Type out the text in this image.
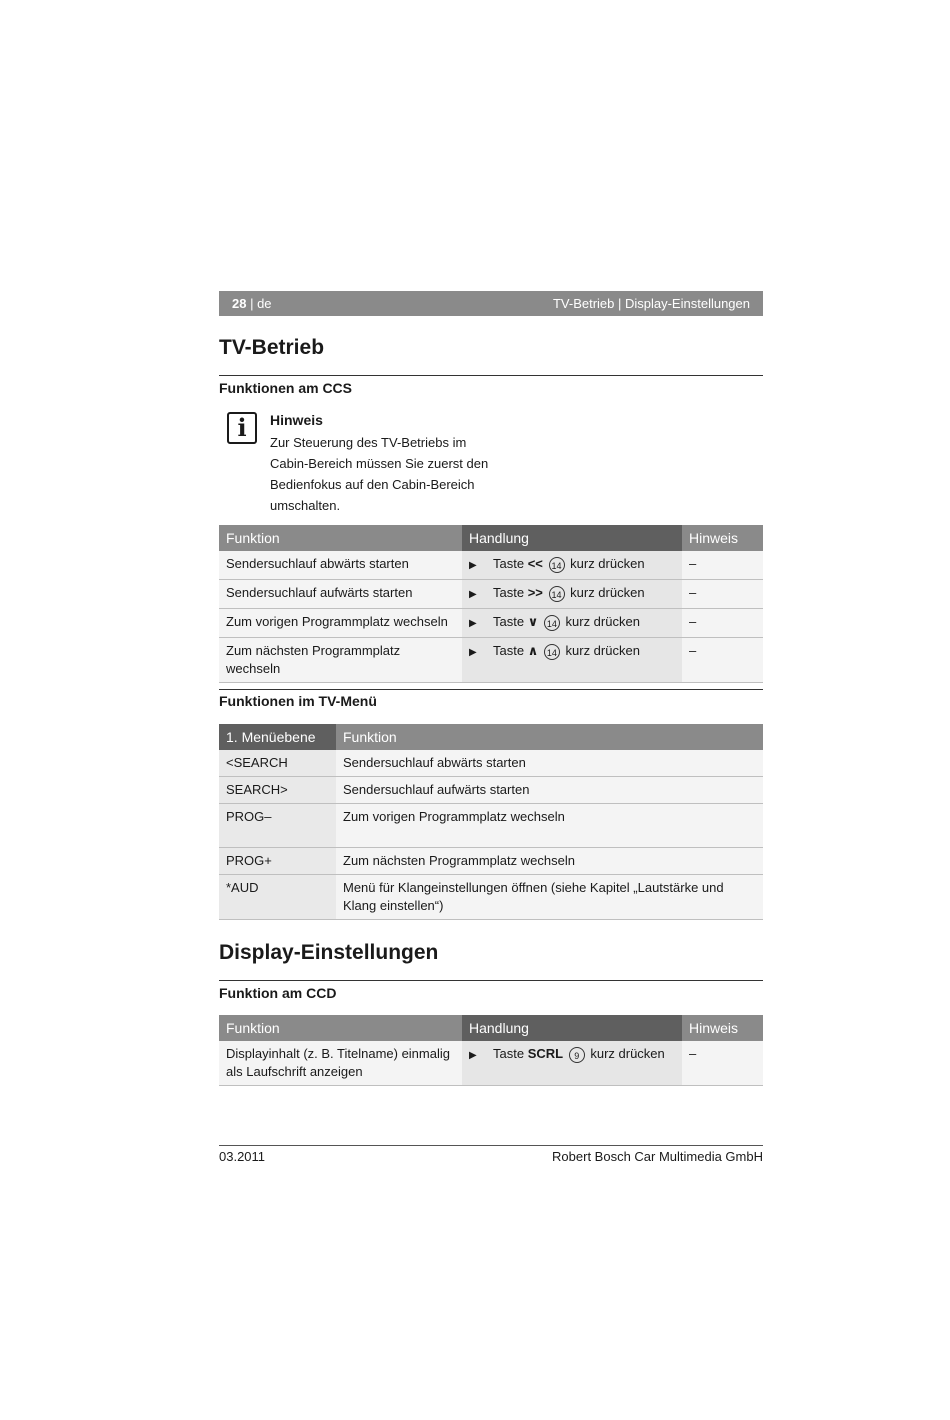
28 | de	TV-Betrieb | Display-Einstellungen
TV-Betrieb
Funktionen am CCS
i	Hinweis
Zur Steuerung des TV-Betriebs im
Cabin-Bereich müssen Sie zuerst den
Bedienfokus auf den Cabin-Bereich
umschalten.
Funktion	Handlung	Hinweis
Sendersuchlauf abwärts starten	▶ Taste << 14 kurz drücken	–
Sendersuchlauf aufwärts starten	▶ Taste >> 14 kurz drücken	–
Zum vorigen Programmplatz wechseln	▶ Taste ∨ 14 kurz drücken	–
Zum nächsten Programmplatz wechseln	▶ Taste ∧ 14 kurz drücken	–
Funktionen im TV-Menü
1. Menüebene	Funktion
<SEARCH	Sendersuchlauf abwärts starten
SEARCH>	Sendersuchlauf aufwärts starten
PROG–	Zum vorigen Programmplatz wechseln
PROG+	Zum nächsten Programmplatz wechseln
*AUD	Menü für Klangeinstellungen öffnen (siehe Kapitel „Lautstärke und Klang einstellen“)
Display-Einstellungen
Funktion am CCD
Funktion	Handlung	Hinweis
Displayinhalt (z. B. Titelname) einmalig als Laufschrift anzeigen	▶ Taste SCRL 9 kurz drücken	–
03.2011	Robert Bosch Car Multimedia GmbH
